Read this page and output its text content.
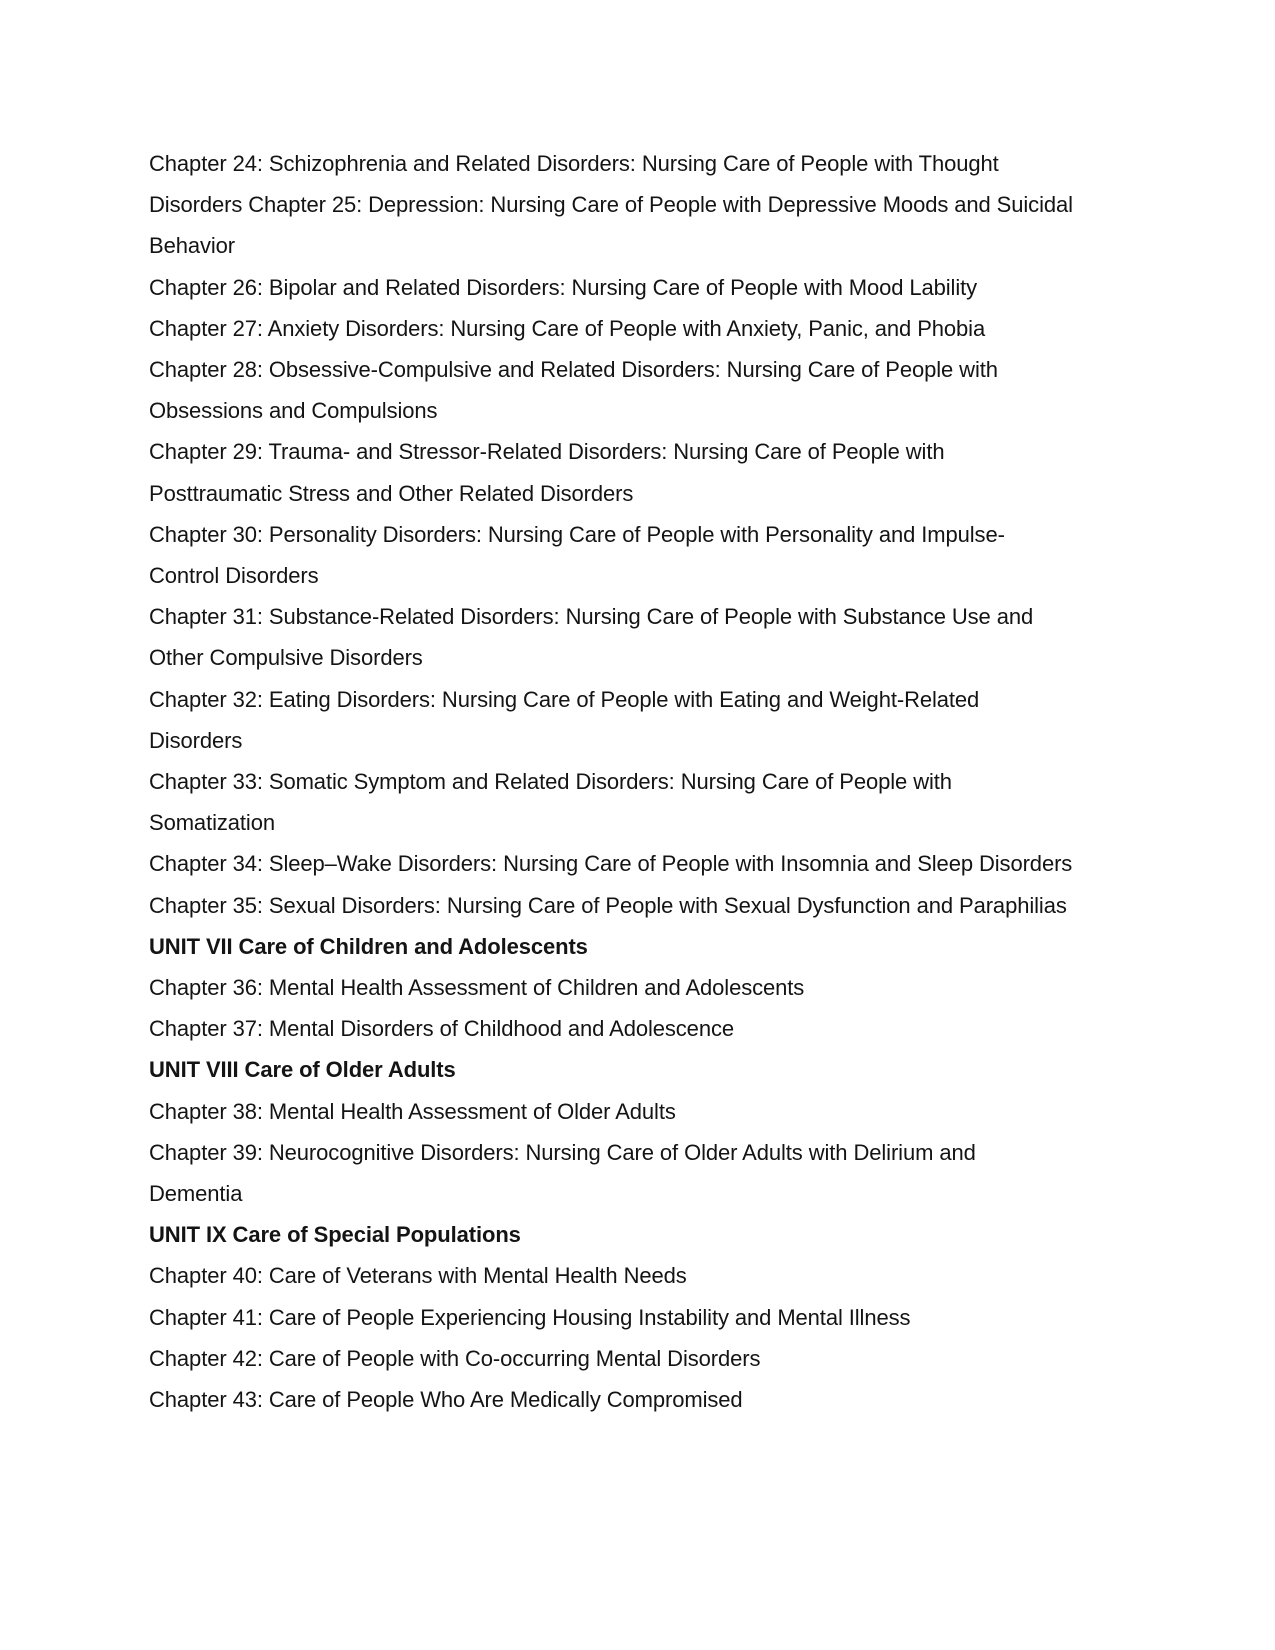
Chapter 24: Schizophrenia and Related Disorders: Nursing Care of People with Thought
Disorders Chapter 25: Depression: Nursing Care of People with Depressive Moods and Suicidal
Behavior
Chapter 26: Bipolar and Related Disorders: Nursing Care of People with Mood Lability
Chapter 27: Anxiety Disorders: Nursing Care of People with Anxiety, Panic, and Phobia
Chapter 28: Obsessive-Compulsive and Related Disorders: Nursing Care of People with
Obsessions and Compulsions
Chapter 29: Trauma- and Stressor-Related Disorders: Nursing Care of People with
Posttraumatic Stress and Other Related Disorders
Chapter 30: Personality Disorders: Nursing Care of People with Personality and Impulse-
Control Disorders
Chapter 31: Substance-Related Disorders: Nursing Care of People with Substance Use and
Other Compulsive Disorders
Chapter 32: Eating Disorders: Nursing Care of People with Eating and Weight-Related
Disorders
Chapter 33: Somatic Symptom and Related Disorders: Nursing Care of People with
Somatization
Chapter 34: Sleep–Wake Disorders: Nursing Care of People with Insomnia and Sleep Disorders
Chapter 35: Sexual Disorders: Nursing Care of People with Sexual Dysfunction and Paraphilias
UNIT VII Care of Children and Adolescents
Chapter 36: Mental Health Assessment of Children and Adolescents
Chapter 37: Mental Disorders of Childhood and Adolescence
UNIT VIII Care of Older Adults
Chapter 38: Mental Health Assessment of Older Adults
Chapter 39: Neurocognitive Disorders: Nursing Care of Older Adults with Delirium and
Dementia
UNIT IX Care of Special Populations
Chapter 40: Care of Veterans with Mental Health Needs
Chapter 41: Care of People Experiencing Housing Instability and Mental Illness
Chapter 42: Care of People with Co-occurring Mental Disorders
Chapter 43: Care of People Who Are Medically Compromised
